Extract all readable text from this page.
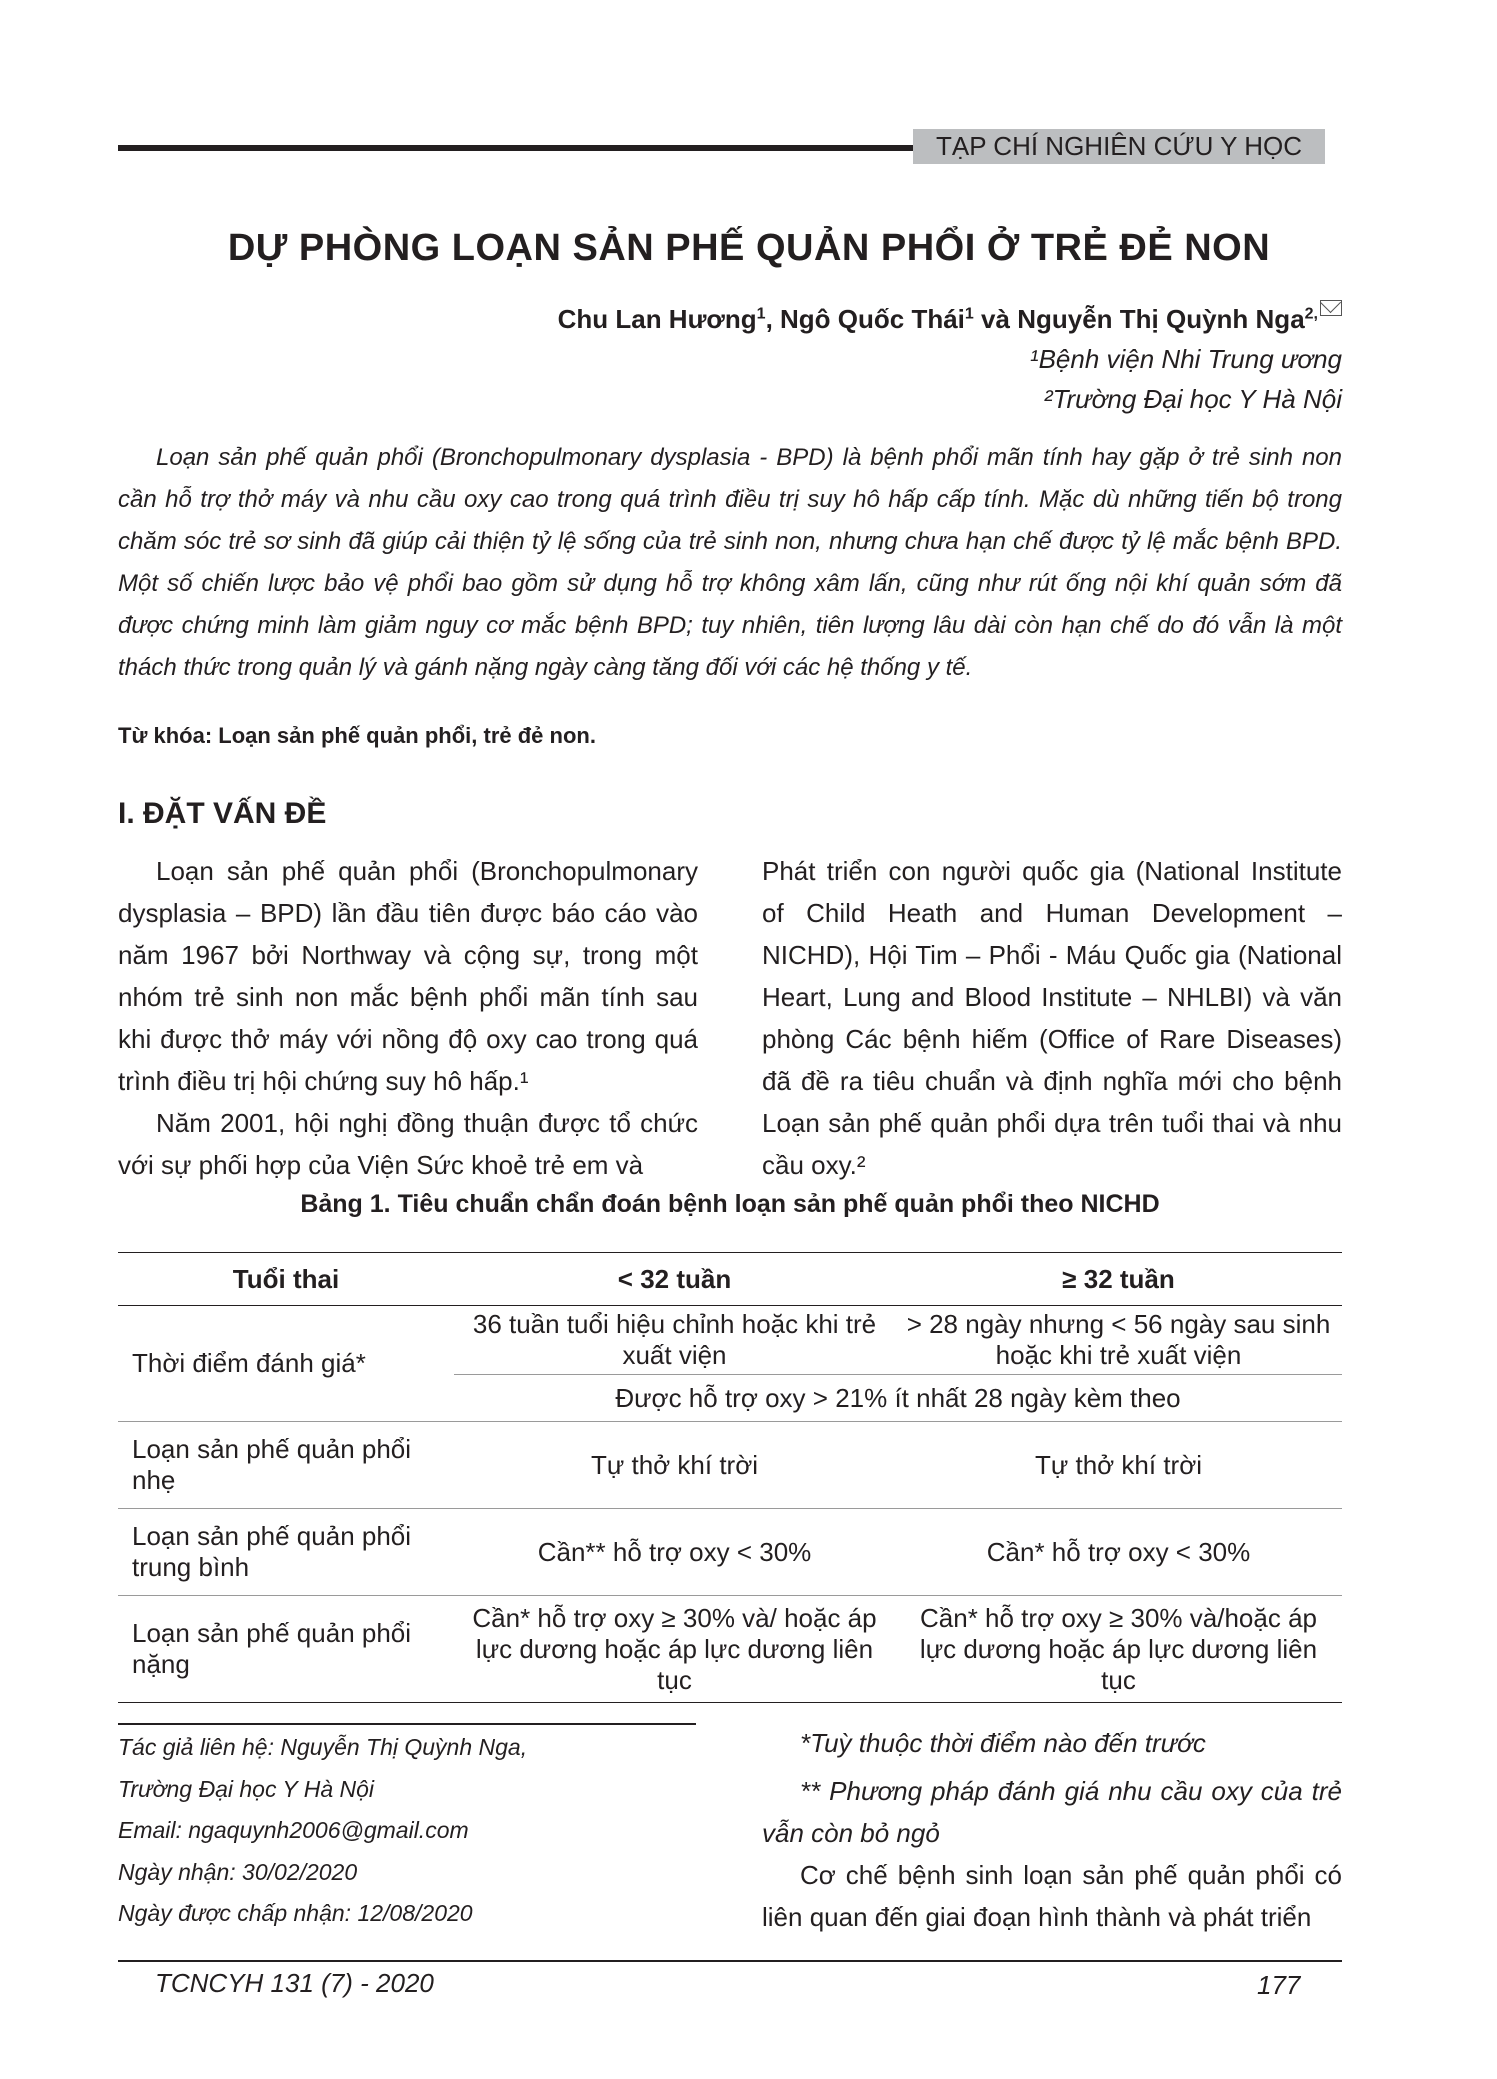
TẠP CHÍ NGHIÊN CỨU Y HỌC
DỰ PHÒNG LOẠN SẢN PHẾ QUẢN PHỔI Ở TRẺ ĐẺ NON
Chu Lan Hương$^1$, Ngô Quốc Thái$^1$ và Nguyễn Thị Quỳnh Nga$^{2,}$
¹Bệnh viện Nhi Trung ương
²Trường Đại học Y Hà Nội

Loạn sản phế quản phổi (Bronchopulmonary dysplasia - BPD) là bệnh phổi mãn tính hay gặp ở trẻ sinh non cần hỗ trợ thở máy và nhu cầu oxy cao trong quá trình điều trị suy hô hấp cấp tính. Mặc dù những tiến bộ trong chăm sóc trẻ sơ sinh đã giúp cải thiện tỷ lệ sống của trẻ sinh non, nhưng chưa hạn chế được tỷ lệ mắc bệnh BPD. Một số chiến lược bảo vệ phổi bao gồm sử dụng hỗ trợ không xâm lấn, cũng như rút ống nội khí quản sớm đã được chứng minh làm giảm nguy cơ mắc bệnh BPD; tuy nhiên, tiên lượng lâu dài còn hạn chế do đó vẫn là một thách thức trong quản lý và gánh nặng ngày càng tăng đối với các hệ thống y tế.

Từ khóa: Loạn sản phế quản phổi, trẻ đẻ non.
I. ĐẶT VẤN ĐỀ

Loạn sản phế quản phổi (Bronchopulmonary dysplasia – BPD) lần đầu tiên được báo cáo vào năm 1967 bởi Northway và cộng sự, trong một nhóm trẻ sinh non mắc bệnh phổi mãn tính sau khi được thở máy với nồng độ oxy cao trong quá trình điều trị hội chứng suy hô hấp.¹

Năm 2001, hội nghị đồng thuận được tổ chức với sự phối hợp của Viện Sức khoẻ trẻ em và

Phát triển con người quốc gia (National Institute of Child Heath and Human Development – NICHD), Hội Tim – Phổi - Máu Quốc gia (National Heart, Lung and Blood Institute – NHLBI) và văn phòng Các bệnh hiếm (Office of Rare Diseases) đã đề ra tiêu chuẩn và định nghĩa mới cho bệnh Loạn sản phế quản phổi dựa trên tuổi thai và nhu cầu oxy.²

Bảng 1. Tiêu chuẩn chẩn đoán bệnh loạn sản phế quản phổi theo NICHD
Tuổi thai	< 32 tuần	≥ 32 tuần
Thời điểm đánh giá*	36 tuần tuổi hiệu chỉnh hoặc khi trẻ xuất viện	> 28 ngày nhưng < 56 ngày sau sinh hoặc khi trẻ xuất viện
	Được hỗ trợ oxy > 21% ít nhất 28 ngày kèm theo	
Loạn sản phế quản phổi nhẹ	Tự thở khí trời	Tự thở khí trời
Loạn sản phế quản phổi trung bình	Cần** hỗ trợ oxy < 30%	Cần* hỗ trợ oxy < 30%
Loạn sản phế quản phổi nặng	Cần* hỗ trợ oxy ≥ 30% và/ hoặc áp lực dương hoặc áp lực dương liên tục	Cần* hỗ trợ oxy ≥ 30% và/hoặc áp lực dương hoặc áp lực dương liên tục
Tác giả liên hệ: Nguyễn Thị Quỳnh Nga,
Trường Đại học Y Hà Nội
Email: ngaquynh2006@gmail.com
Ngày nhận: 30/02/2020
Ngày được chấp nhận: 12/08/2020
*Tuỳ thuộc thời điểm nào đến trước

** Phương pháp đánh giá nhu cầu oxy của trẻ vẫn còn bỏ ngỏ

Cơ chế bệnh sinh loạn sản phế quản phổi có liên quan đến giai đoạn hình thành và phát triển

TCNCYH 131 (7) - 2020	177
